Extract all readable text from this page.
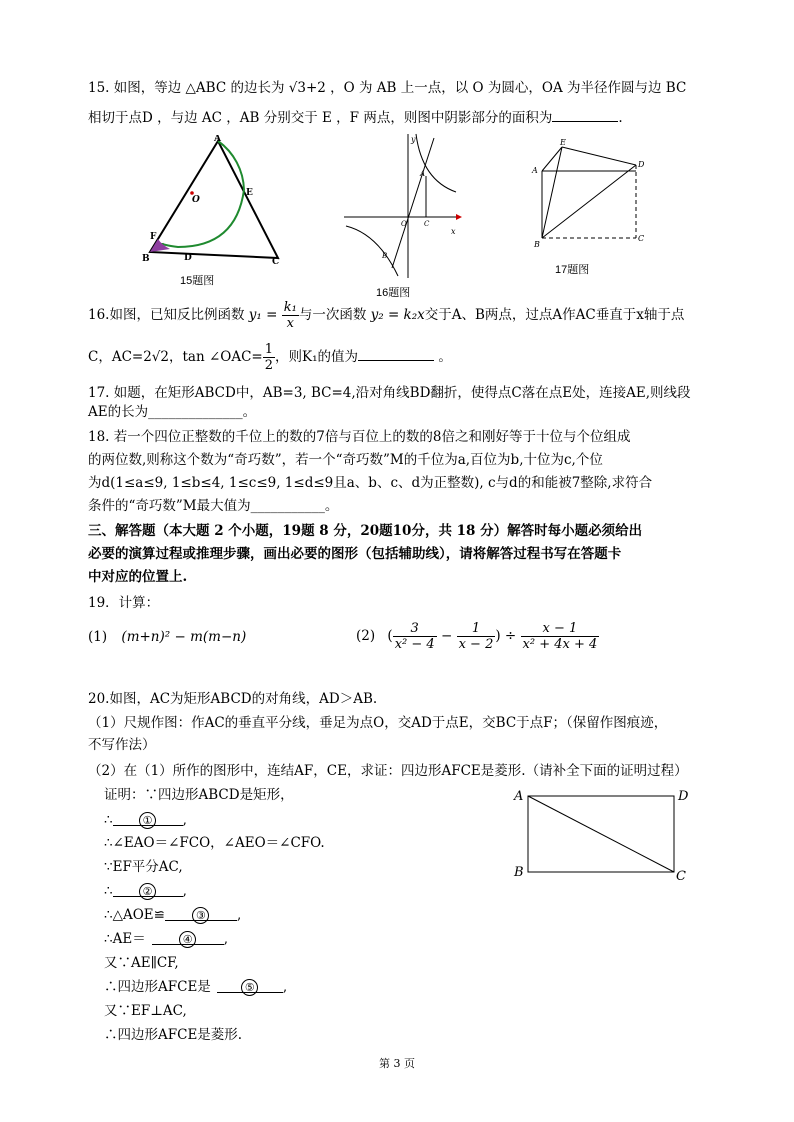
15. 如图，等边 △ABC 的边长为 √3+2 ，O 为 AB 上一点，以 O 为圆心，OA 为半径作圆与边 BC
相切于点D ，与边 AC ，AB 分别交于 E ，F 两点，则图中阴影部分的面积为	.
A
B	C
D
E
F
O
15题图
y
x
A
B
C
O
16题图
A
B
C
D
E
17题图
16.如图，已知反比例函数 $y_1 = \frac{\text{k₁}}{x}$ 与一次函数 y₂ = k₂x交于A、B两点，过点A作AC垂直于x轴于点
C，AC=2√2，tan ∠OAC= $\frac{1}{2}$ ，则K₁的值为	。
17. 如题，在矩形ABCD中，AB=3, BC=4,沿对角线BD翻折，使得点C落在点E处，连接AE,则线段
AE的长为______________。
18. 若一个四位正整数的千位上的数的7倍与百位上的数的8倍之和刚好等于十位与个位组成
的两位数,则称这个数为“奇巧数”，若一个“奇巧数”M的千位为a,百位为b,十位为c,个位
为d(1≤a≤9, 1≤b≤4, 1≤c≤9, 1≤d≤9且a、b、c、d为正整数), c与d的和能被7整除,求符合
条件的“奇巧数”M最大值为___________。
三、解答题（本大题 2 个小题，19题 8 分，20题10分，共 18 分）解答时每小题必须给出
必要的演算过程或推理步骤，画出必要的图形（包括辅助线），请将解答过程书写在答题卡
中对应的位置上.
19．计算：
(1) (m+n)² − m(m−n)	(2) ( $\frac{3}{\text{x² − 4}} - \frac{1}{x - 2}$ ) ÷ $\frac{x - 1}{\text{x² + 4x + 4}}$
20.如图，AC为矩形ABCD的对角线，AD＞AB.
（1）尺规作图：作AC的垂直平分线，垂足为点O，交AD于点E，交BC于点F；（保留作图痕迹，
不写作法）
（2）在（1）所作的图形中，连结AF，CE，求证：四边形AFCE是菱形.（请补全下面的证明过程）
证明：∵四边形ABCD是矩形，
∴	① ,
∴∠EAO＝∠FCO，∠AEO＝∠CFO.
∵EF平分AC,
∴	② ,
∴△AOE≌	③ ,
∴AE＝	④ ,
又∵AE∥CF,
∴四边形AFCE是	⑤ ,
又∵EF⊥AC,
∴四边形AFCE是菱形.
A	D
B	C
第 3 页
